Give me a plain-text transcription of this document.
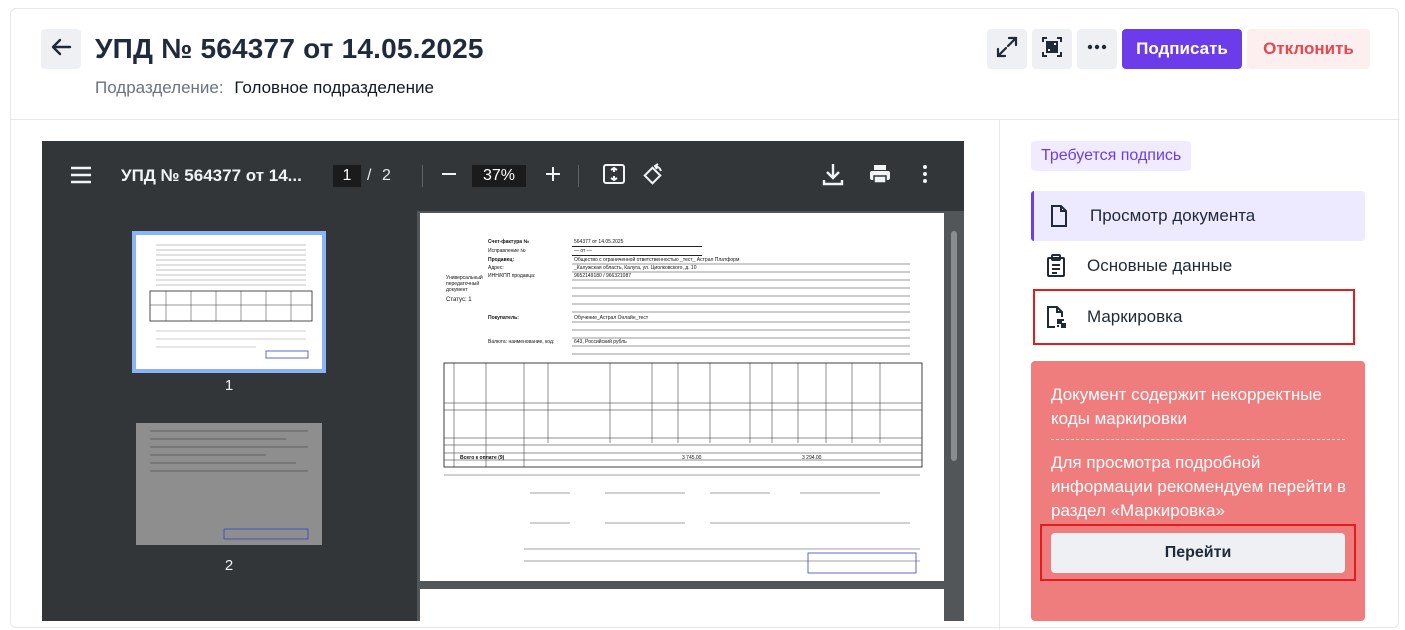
УПД № 564377 от 14.05.2025
Подразделение: Головное подразделение
Подписать	Отклонить
УПД № 564377 от 14...	1 / 2	37%
1
2
Счет-фактура №	564377 от 14.05.2025
Исправление №	— от —
Продавец:	Общество с ограниченной ответственностью _тест_ Астрал Платформ
Адрес:	_Калужская область, Калуга, ул. Циолковского, д. 10
ИНН/КПП продавца:	9652149180 / 966321087
Универсальный передаточный документ
Статус: 1
Покупатель:	Обучение_Астрал Онлайн_тест
Валюта: наименование, код:	643, Российский рубль
Всего к оплате (9)	3 745.00	3 294.00
Требуется подпись
Просмотр документа
Основные данные
Маркировка
Документ содержит некорректные коды маркировки
Для просмотра подробной информации рекомендуем перейти в раздел «Маркировка»
Перейти
